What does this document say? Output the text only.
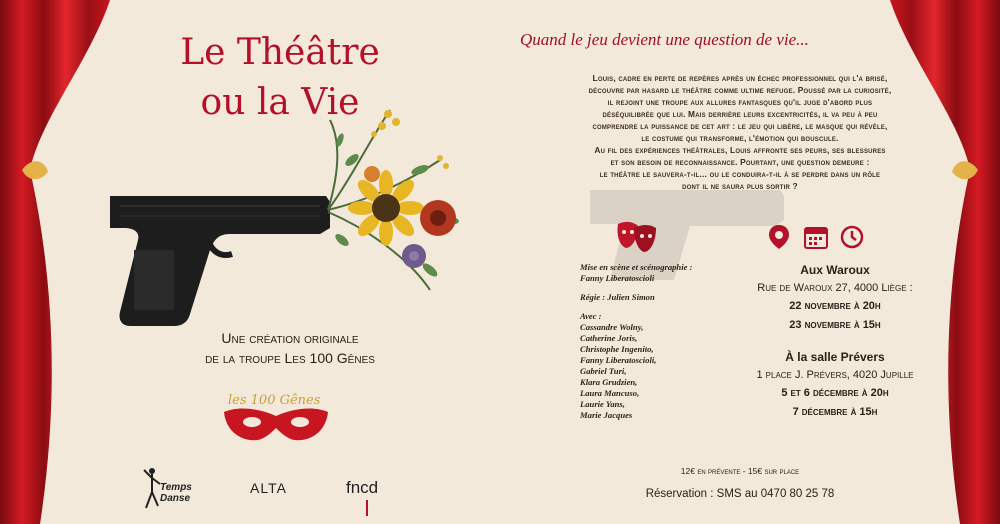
Le Théâtre
ou la Vie
Une création originale
de la troupe Les 100 Gênes
les 100 Gênes
Quand le jeu devient une question de vie...
Louis, cadre en perte de repères après un échec professionnel qui l'a brisé,
découvre par hasard le théâtre comme ultime refuge. Poussé par la curiosité,
il rejoint une troupe aux allures fantasques qu'il juge d'abord plus
déséquilibrée que lui. Mais derrière leurs excentricités, il va peu à peu
comprendre la puissance de cet art : le jeu qui libère, le masque qui révèle,
le costume qui transforme, l'émotion qui bouscule.
Au fil des expériences théâtrales, Louis affronte ses peurs, ses blessures
et son besoin de reconnaissance. Pourtant, une question demeure :
le théâtre le sauvera-t-il... ou le conduira-t-il à se perdre dans un rôle
dont il ne saura plus sortir ?
Mise en scène et scénographie :
Fanny Liberatoscioli
Régie : Julien Simon
Avec :
Cassandre Wolny,
Catherine Joris,
Christophe Ingenito,
Fanny Liberatoscioli,
Gabriel Turi,
Klara Grudzien,
Laura Mancuso,
Laurie Yans,
Marie Jacques
Aux Waroux
Rue de Waroux 27, 4000 Liège :
22 novembre à 20h
23 novembre à 15h
À la salle Prévers
1 place J. Prévers, 4020 Jupille
5 et 6 décembre à 20h
7 décembre à 15h
12€ en prévente - 15€ sur place
Réservation : SMS au 0470 80 25 78
Temps Danse
ALTA	fncd
